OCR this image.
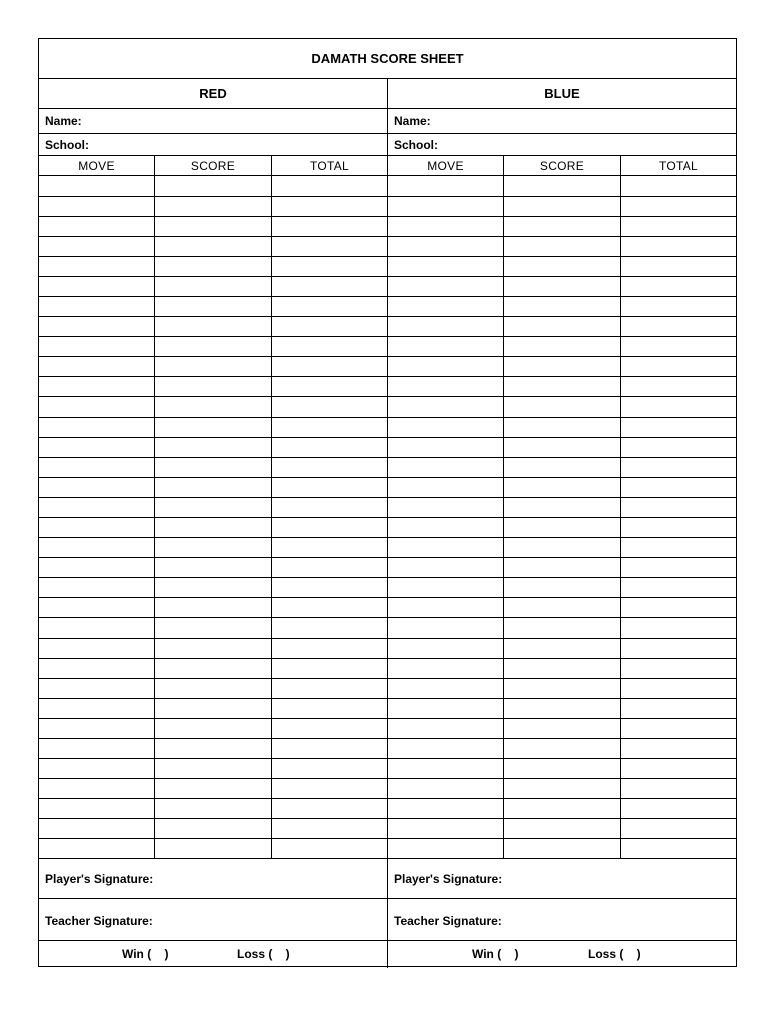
DAMATH SCORE SHEET
RED	BLUE
Name:	Name:
School:	School:
MOVE	SCORE	TOTAL	MOVE	SCORE	TOTAL
Player's Signature:	Player's Signature:
Teacher Signature:	Teacher Signature:
Win (    )	Loss (    )	Win (    )	Loss (    )
